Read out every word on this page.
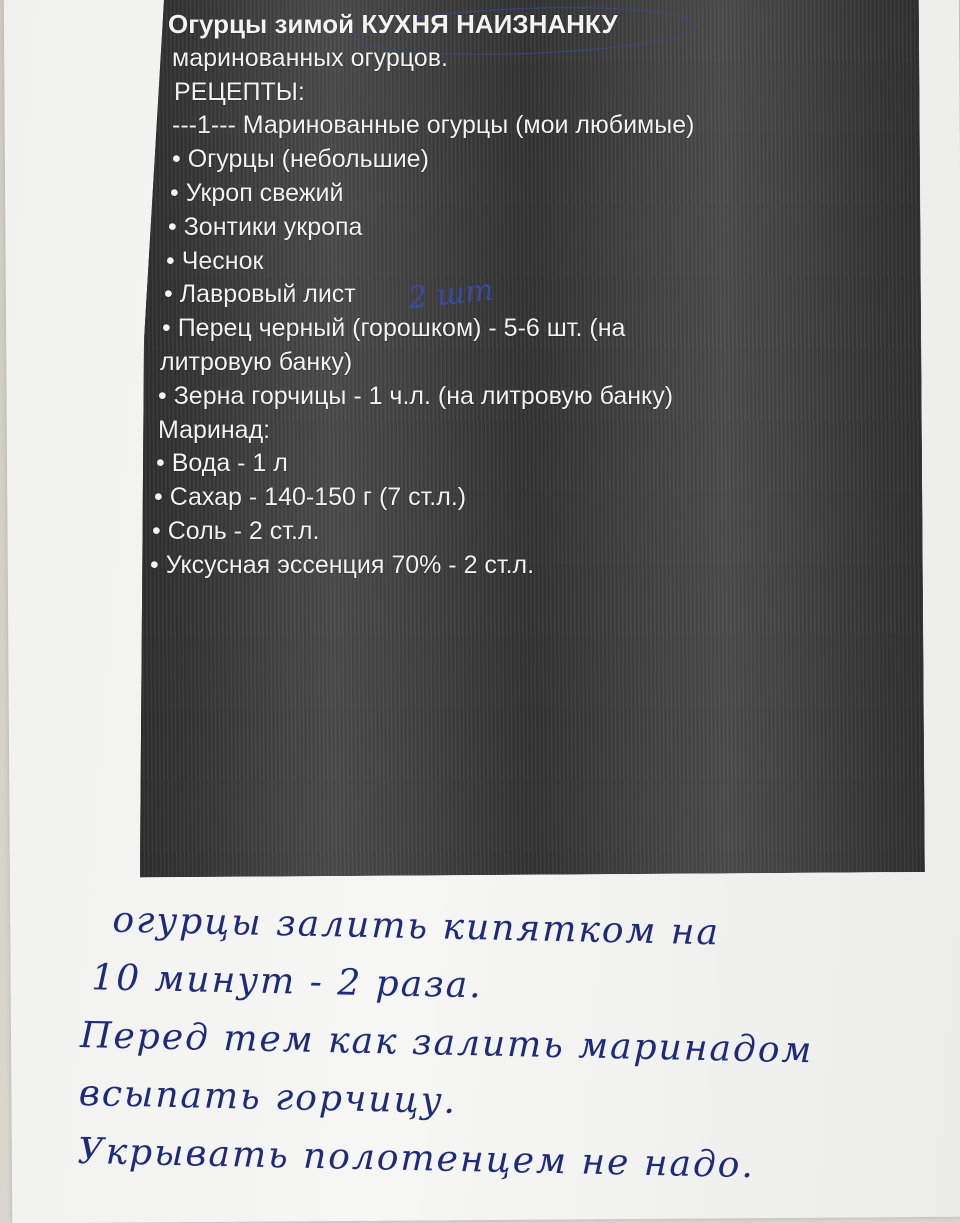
Огурцы зимой КУХНЯ НАИЗНАНКУ
маринованных огурцов.
РЕЦЕПТЫ:
---1--- Маринованные огурцы (мои любимые)
• Огурцы (небольшие)
• Укроп свежий
• Зонтики укропа
• Чеснок
• Лавровый лист
• Перец черный (горошком) - 5-6 шт. (на
литровую банку)
• Зерна горчицы - 1 ч.л. (на литровую банку)
Маринад:
• Вода - 1 л
• Сахар - 140-150 г (7 ст.л.)
• Соль - 2 ст.л.
• Уксусная эссенция 70% - 2 ст.л.
2 шт
огурцы залить кипятком на
10 минут - 2 раза.
Перед тем как залить маринадом
всыпать горчицу.
Укрывать полотенцем не надо.
